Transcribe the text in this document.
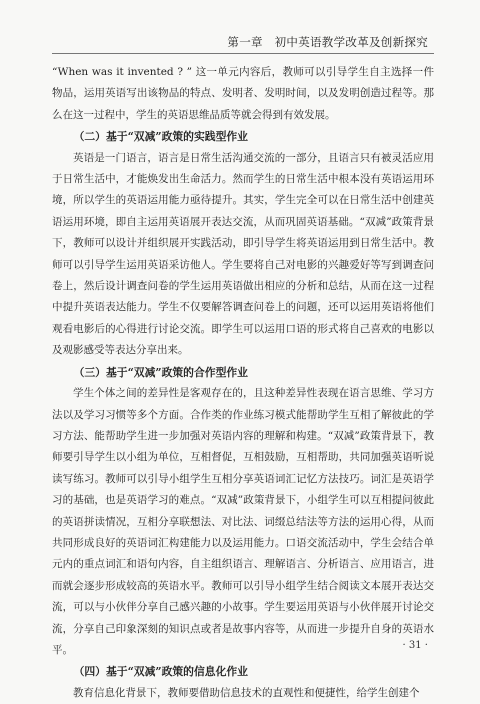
第一章　初中英语教学改革及创新探究

“When was it invented ? ” 这一单元内容后，教师可以引导学生自主选择一件物品，运用英语写出该物品的特点、发明者、发明时间，以及发明创造过程等。那么在这一过程中，学生的英语思维品质等就会得到有效发展。

（二）基于“双减”政策的实践型作业

英语是一门语言，语言是日常生活沟通交流的一部分，且语言只有被灵活应用于日常生活中，才能焕发出生命活力。然而学生的日常生活中根本没有英语运用环境，所以学生的英语运用能力亟待提升。其实，学生完全可以在日常生活中创建英语运用环境，即自主运用英语展开表达交流，从而巩固英语基础。“双减”政策背景下，教师可以设计并组织展开实践活动，即引导学生将英语运用到日常生活中。教师可以引导学生运用英语采访他人。学生要将自己对电影的兴趣爱好等写到调查问卷上，然后设计调查问卷的学生运用英语做出相应的分析和总结，从而在这一过程中提升英语表达能力。学生不仅要解答调查问卷上的问题，还可以运用英语将他们观看电影后的心得进行讨论交流。即学生可以运用口语的形式将自己喜欢的电影以及观影感受等表达分享出来。

（三）基于“双减”政策的合作型作业

学生个体之间的差异性是客观存在的，且这种差异性表现在语言思维、学习方法以及学习习惯等多个方面。合作类的作业练习模式能帮助学生互相了解彼此的学习方法、能帮助学生进一步加强对英语内容的理解和构建。“双减”政策背景下，教师要引导学生以小组为单位，互相督促，互相鼓励，互相帮助，共同加强英语听说读写练习。教师可以引导小组学生互相分享英语词汇记忆方法技巧。词汇是英语学习的基础，也是英语学习的难点。“双减”政策背景下，小组学生可以互相提问彼此的英语拼读情况，互相分享联想法、对比法、词缀总结法等方法的运用心得，从而共同形成良好的英语词汇构建能力以及运用能力。口语交流活动中，学生会结合单元内的重点词汇和语句内容，自主组织语言、理解语言、分析语言、应用语言，进而就会逐步形成较高的英语水平。教师可以引导小组学生结合阅读文本展开表达交流，可以与小伙伴分享自己感兴趣的小故事。学生要运用英语与小伙伴展开讨论交流，分享自己印象深刻的知识点或者是故事内容等，从而进一步提升自身的英语水平。

（四）基于“双减”政策的信息化作业

教育信息化背景下，教师要借助信息技术的直观性和便捷性，给学生创建个

· 31 ·
